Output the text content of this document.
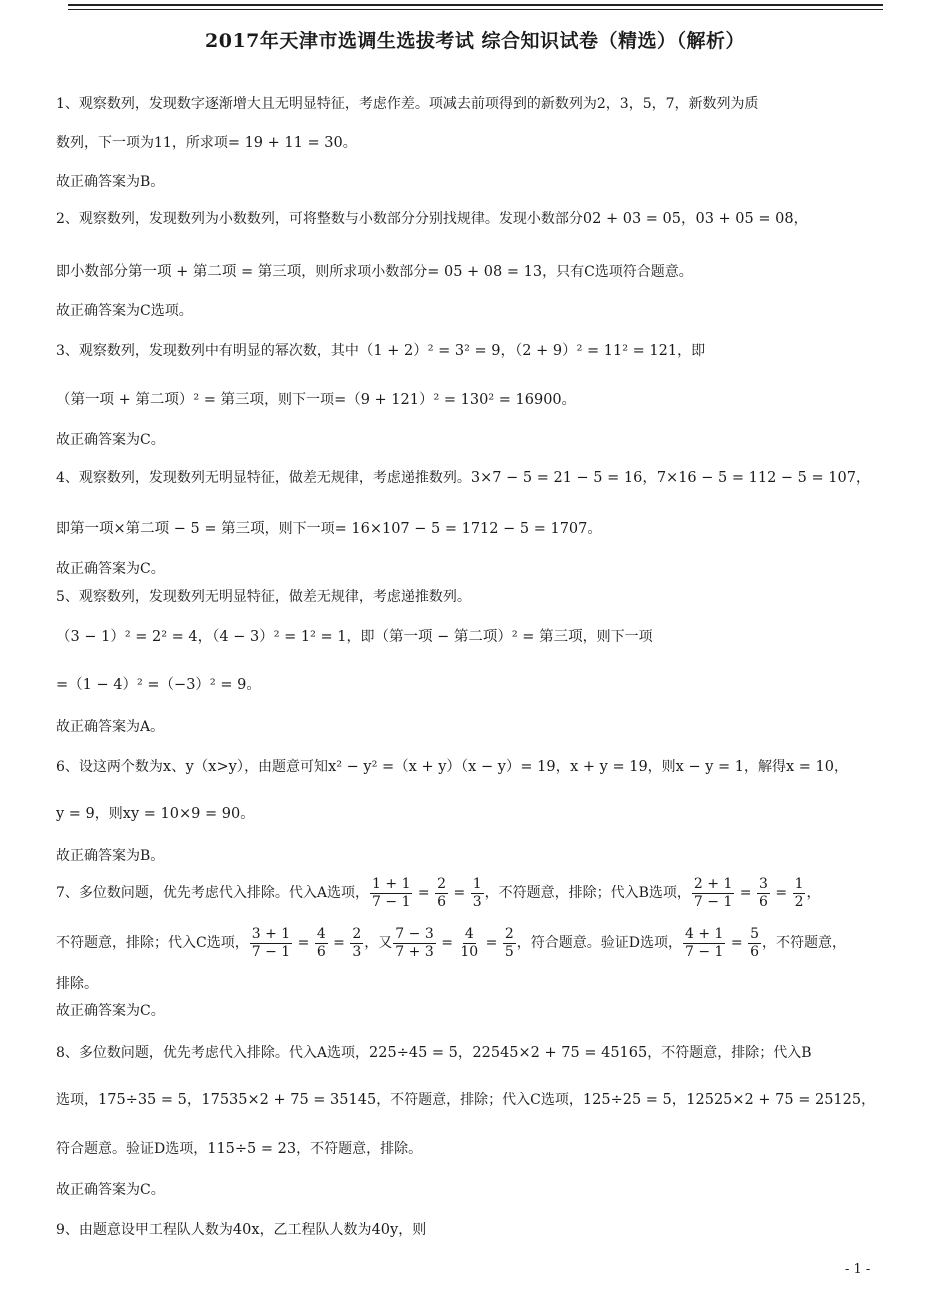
2017年天津市选调生选拔考试 综合知识试卷（精选）（解析）
1、观察数列，发现数字逐渐增大且无明显特征，考虑作差。项减去前项得到的新数列为2，3，5，7，新数列为质
数列，下一项为11，所求项= 19 + 11 = 30。
故正确答案为B。
2、观察数列，发现数列为小数数列，可将整数与小数部分分别找规律。发现小数部分02 + 03 = 05，03 + 05 = 08，
即小数部分第一项 + 第二项 = 第三项，则所求项小数部分= 05 + 08 = 13，只有C选项符合题意。
故正确答案为C选项。
3、观察数列，发现数列中有明显的幂次数，其中（1 + 2）² = 3² = 9，（2 + 9）² = 11² = 121，即
（第一项 + 第二项）² = 第三项，则下一项=（9 + 121）² = 130² = 16900。
故正确答案为C。
4、观察数列，发现数列无明显特征，做差无规律，考虑递推数列。3×7 − 5 = 21 − 5 = 16，7×16 − 5 = 112 − 5 = 107，
即第一项×第二项 − 5 = 第三项，则下一项= 16×107 − 5 = 1712 − 5 = 1707。
故正确答案为C。
5、观察数列，发现数列无明显特征，做差无规律，考虑递推数列。
（3 − 1）² = 2² = 4，（4 − 3）² = 1² = 1，即（第一项 − 第二项）² = 第三项，则下一项
=（1 − 4）² =（−3）² = 9。
故正确答案为A。
6、设这两个数为x、y（x>y），由题意可知x² − y² =（x + y）（x − y）= 19，x + y = 19，则x − y = 1，解得x = 10，
y = 9，则xy = 10×9 = 90。
故正确答案为B。
7、多位数问题，优先考虑代入排除。代入A选项， $\frac{1 + 1}{7 - 1} = \frac{2}{6} = \frac{1}{3}$ ，不符题意，排除；代入B选项， $\frac{2 + 1}{7 - 1} = \frac{3}{6} = \frac{1}{2}$ ，
不符题意，排除；代入C选项， $\frac{3 + 1}{7 - 1} = \frac{4}{6} = \frac{2}{3}$ ，又 $\frac{7 - 3}{7 + 3} = \frac{4}{10} = \frac{2}{5}$ ，符合题意。验证D选项， $\frac{4 + 1}{7 - 1} = \frac{5}{6}$ ，不符题意，
排除。
故正确答案为C。
8、多位数问题，优先考虑代入排除。代入A选项，225÷45 = 5，22545×2 + 75 = 45165，不符题意，排除；代入B
选项，175÷35 = 5，17535×2 + 75 = 35145，不符题意，排除；代入C选项，125÷25 = 5，12525×2 + 75 = 25125，
符合题意。验证D选项，115÷5 = 23，不符题意，排除。
故正确答案为C。
9、由题意设甲工程队人数为40x，乙工程队人数为40y，则
- 1 -
